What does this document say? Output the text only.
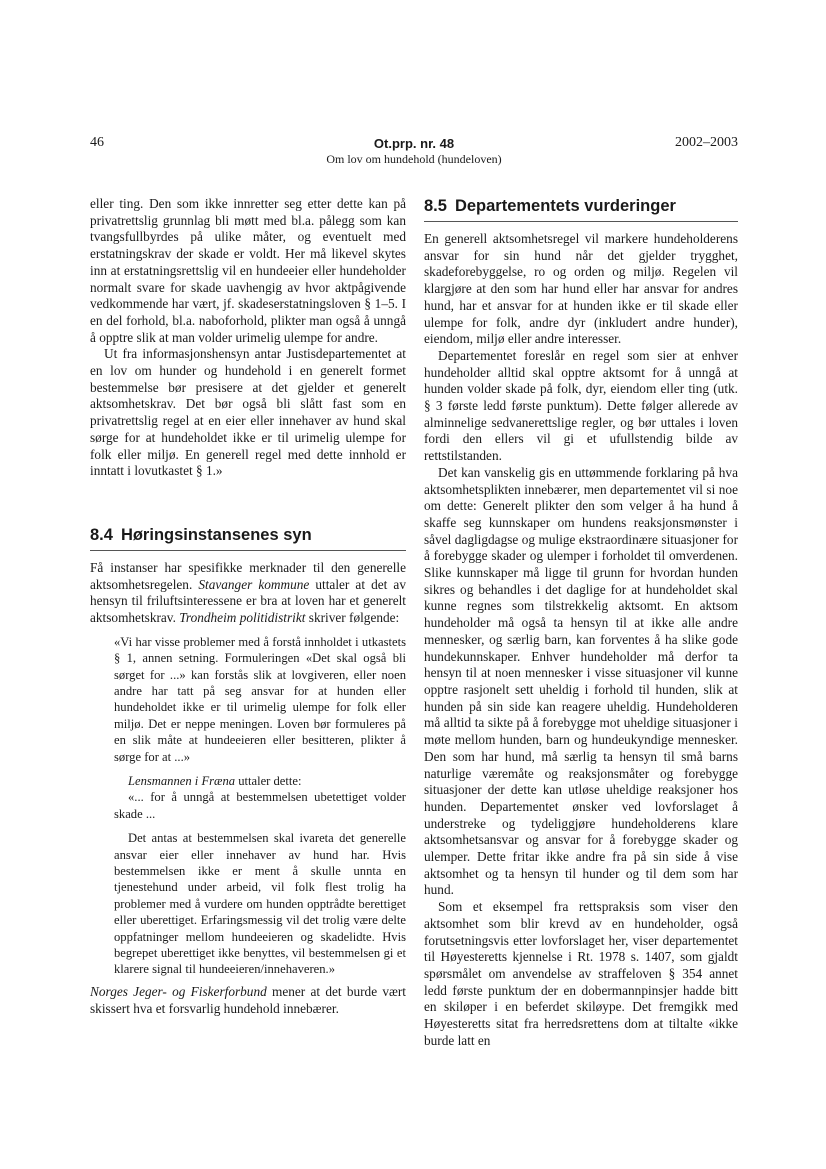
46	Ot.prp. nr. 48
Om lov om hundehold (hundeloven)
2002–2003

eller ting. Den som ikke innretter seg etter dette kan på privatrettslig grunnlag bli møtt med bl.a. pålegg som kan tvangsfullbyrdes på ulike måter, og eventuelt med erstatningskrav der skade er voldt. Her må likevel skytes inn at erstatningsrettslig vil en hundeeier eller hundeholder normalt svare for skade uavhengig av hvor aktpågivende vedkommende har vært, jf. skadeserstatningsloven § 1–5. I en del forhold, bl.a. naboforhold, plikter man også å unngå å opptre slik at man volder urimelig ulempe for andre.

Ut fra informasjonshensyn antar Justisdepartementet at en lov om hunder og hundehold i en generelt formet bestemmelse bør presisere at det gjelder et generelt aktsomhetskrav. Det bør også bli slått fast som en privatrettslig regel at en eier eller innehaver av hund skal sørge for at hundeholdet ikke er til urimelig ulempe for folk eller miljø. En generell regel med dette innhold er inntatt i lovutkastet § 1.»

8.4 Høringsinstansenes syn

Få instanser har spesifikke merknader til den generelle aktsomhetsregelen. Stavanger kommune uttaler at det av hensyn til friluftsinteressene er bra at loven har et generelt aktsomhetskrav. Trondheim politidistrikt skriver følgende:

«Vi har visse problemer med å forstå innholdet i utkastets § 1, annen setning. Formuleringen «Det skal også bli sørget for ...» kan forstås slik at lovgiveren, eller noen andre har tatt på seg ansvar for at hunden eller hundeholdet ikke er til urimelig ulempe for folk eller miljø. Det er neppe meningen. Loven bør formuleres på en slik måte at hundeeieren eller besitteren, plikter å sørge for at ...»

Lensmannen i Fræna uttaler dette:

«... for å unngå at bestemmelsen ubetettiget volder skade ...

Det antas at bestemmelsen skal ivareta det generelle ansvar eier eller innehaver av hund har. Hvis bestemmelsen ikke er ment å skulle unnta en tjenestehund under arbeid, vil folk flest trolig ha problemer med å vurdere om hunden opptrådte berettiget eller uberettiget. Erfaringsmessig vil det trolig være delte oppfatninger mellom hundeeieren og skadelidte. Hvis begrepet uberettiget ikke benyttes, vil bestemmelsen gi et klarere signal til hundeeieren/innehaveren.»

Norges Jeger- og Fiskerforbund mener at det burde vært skissert hva et forsvarlig hundehold innebærer.

8.5 Departementets vurderinger

En generell aktsomhetsregel vil markere hundeholderens ansvar for sin hund når det gjelder trygghet, skadeforebyggelse, ro og orden og miljø. Regelen vil klargjøre at den som har hund eller har ansvar for andres hund, har et ansvar for at hunden ikke er til skade eller ulempe for folk, andre dyr (inkludert andre hunder), eiendom, miljø eller andre interesser.

Departementet foreslår en regel som sier at enhver hundeholder alltid skal opptre aktsomt for å unngå at hunden volder skade på folk, dyr, eiendom eller ting (utk. § 3 første ledd første punktum). Dette følger allerede av alminnelige sedvanerettslige regler, og bør uttales i loven fordi den ellers vil gi et ufullstendig bilde av rettstilstanden.

Det kan vanskelig gis en uttømmende forklaring på hva aktsomhetsplikten innebærer, men departementet vil si noe om dette: Generelt plikter den som velger å ha hund å skaffe seg kunnskaper om hundens reaksjonsmønster i såvel dagligdagse og mulige ekstraordinære situasjoner for å forebygge skader og ulemper i forholdet til omverdenen. Slike kunnskaper må ligge til grunn for hvordan hunden sikres og behandles i det daglige for at hundeholdet skal kunne regnes som tilstrekkelig aktsomt. En aktsom hundeholder må også ta hensyn til at ikke alle andre mennesker, og særlig barn, kan forventes å ha slike gode hundekunnskaper. Enhver hundeholder må derfor ta hensyn til at noen mennesker i visse situasjoner vil kunne opptre rasjonelt sett uheldig i forhold til hunden, slik at hunden på sin side kan reagere uheldig. Hundeholderen må alltid ta sikte på å forebygge mot uheldige situasjoner i møte mellom hunden, barn og hundeukyndige mennesker. Den som har hund, må særlig ta hensyn til små barns naturlige væremåte og reaksjonsmåter og forebygge situasjoner der dette kan utløse uheldige reaksjoner hos hunden. Departementet ønsker ved lovforslaget å understreke og tydeliggjøre hundeholderens klare aktsomhetsansvar og ansvar for å forebygge skader og ulemper. Dette fritar ikke andre fra på sin side å vise aktsomhet og ta hensyn til hunder og til dem som har hund.

Som et eksempel fra rettspraksis som viser den aktsomhet som blir krevd av en hundeholder, også forutsetningsvis etter lovforslaget her, viser departementet til Høyesteretts kjennelse i Rt. 1978 s. 1407, som gjaldt spørsmålet om anvendelse av straffeloven § 354 annet ledd første punktum der en dobermannpinsjer hadde bitt en skiløper i en beferdet skiløype. Det fremgikk med Høyesteretts sitat fra herredsrettens dom at tiltalte «ikke burde latt en
